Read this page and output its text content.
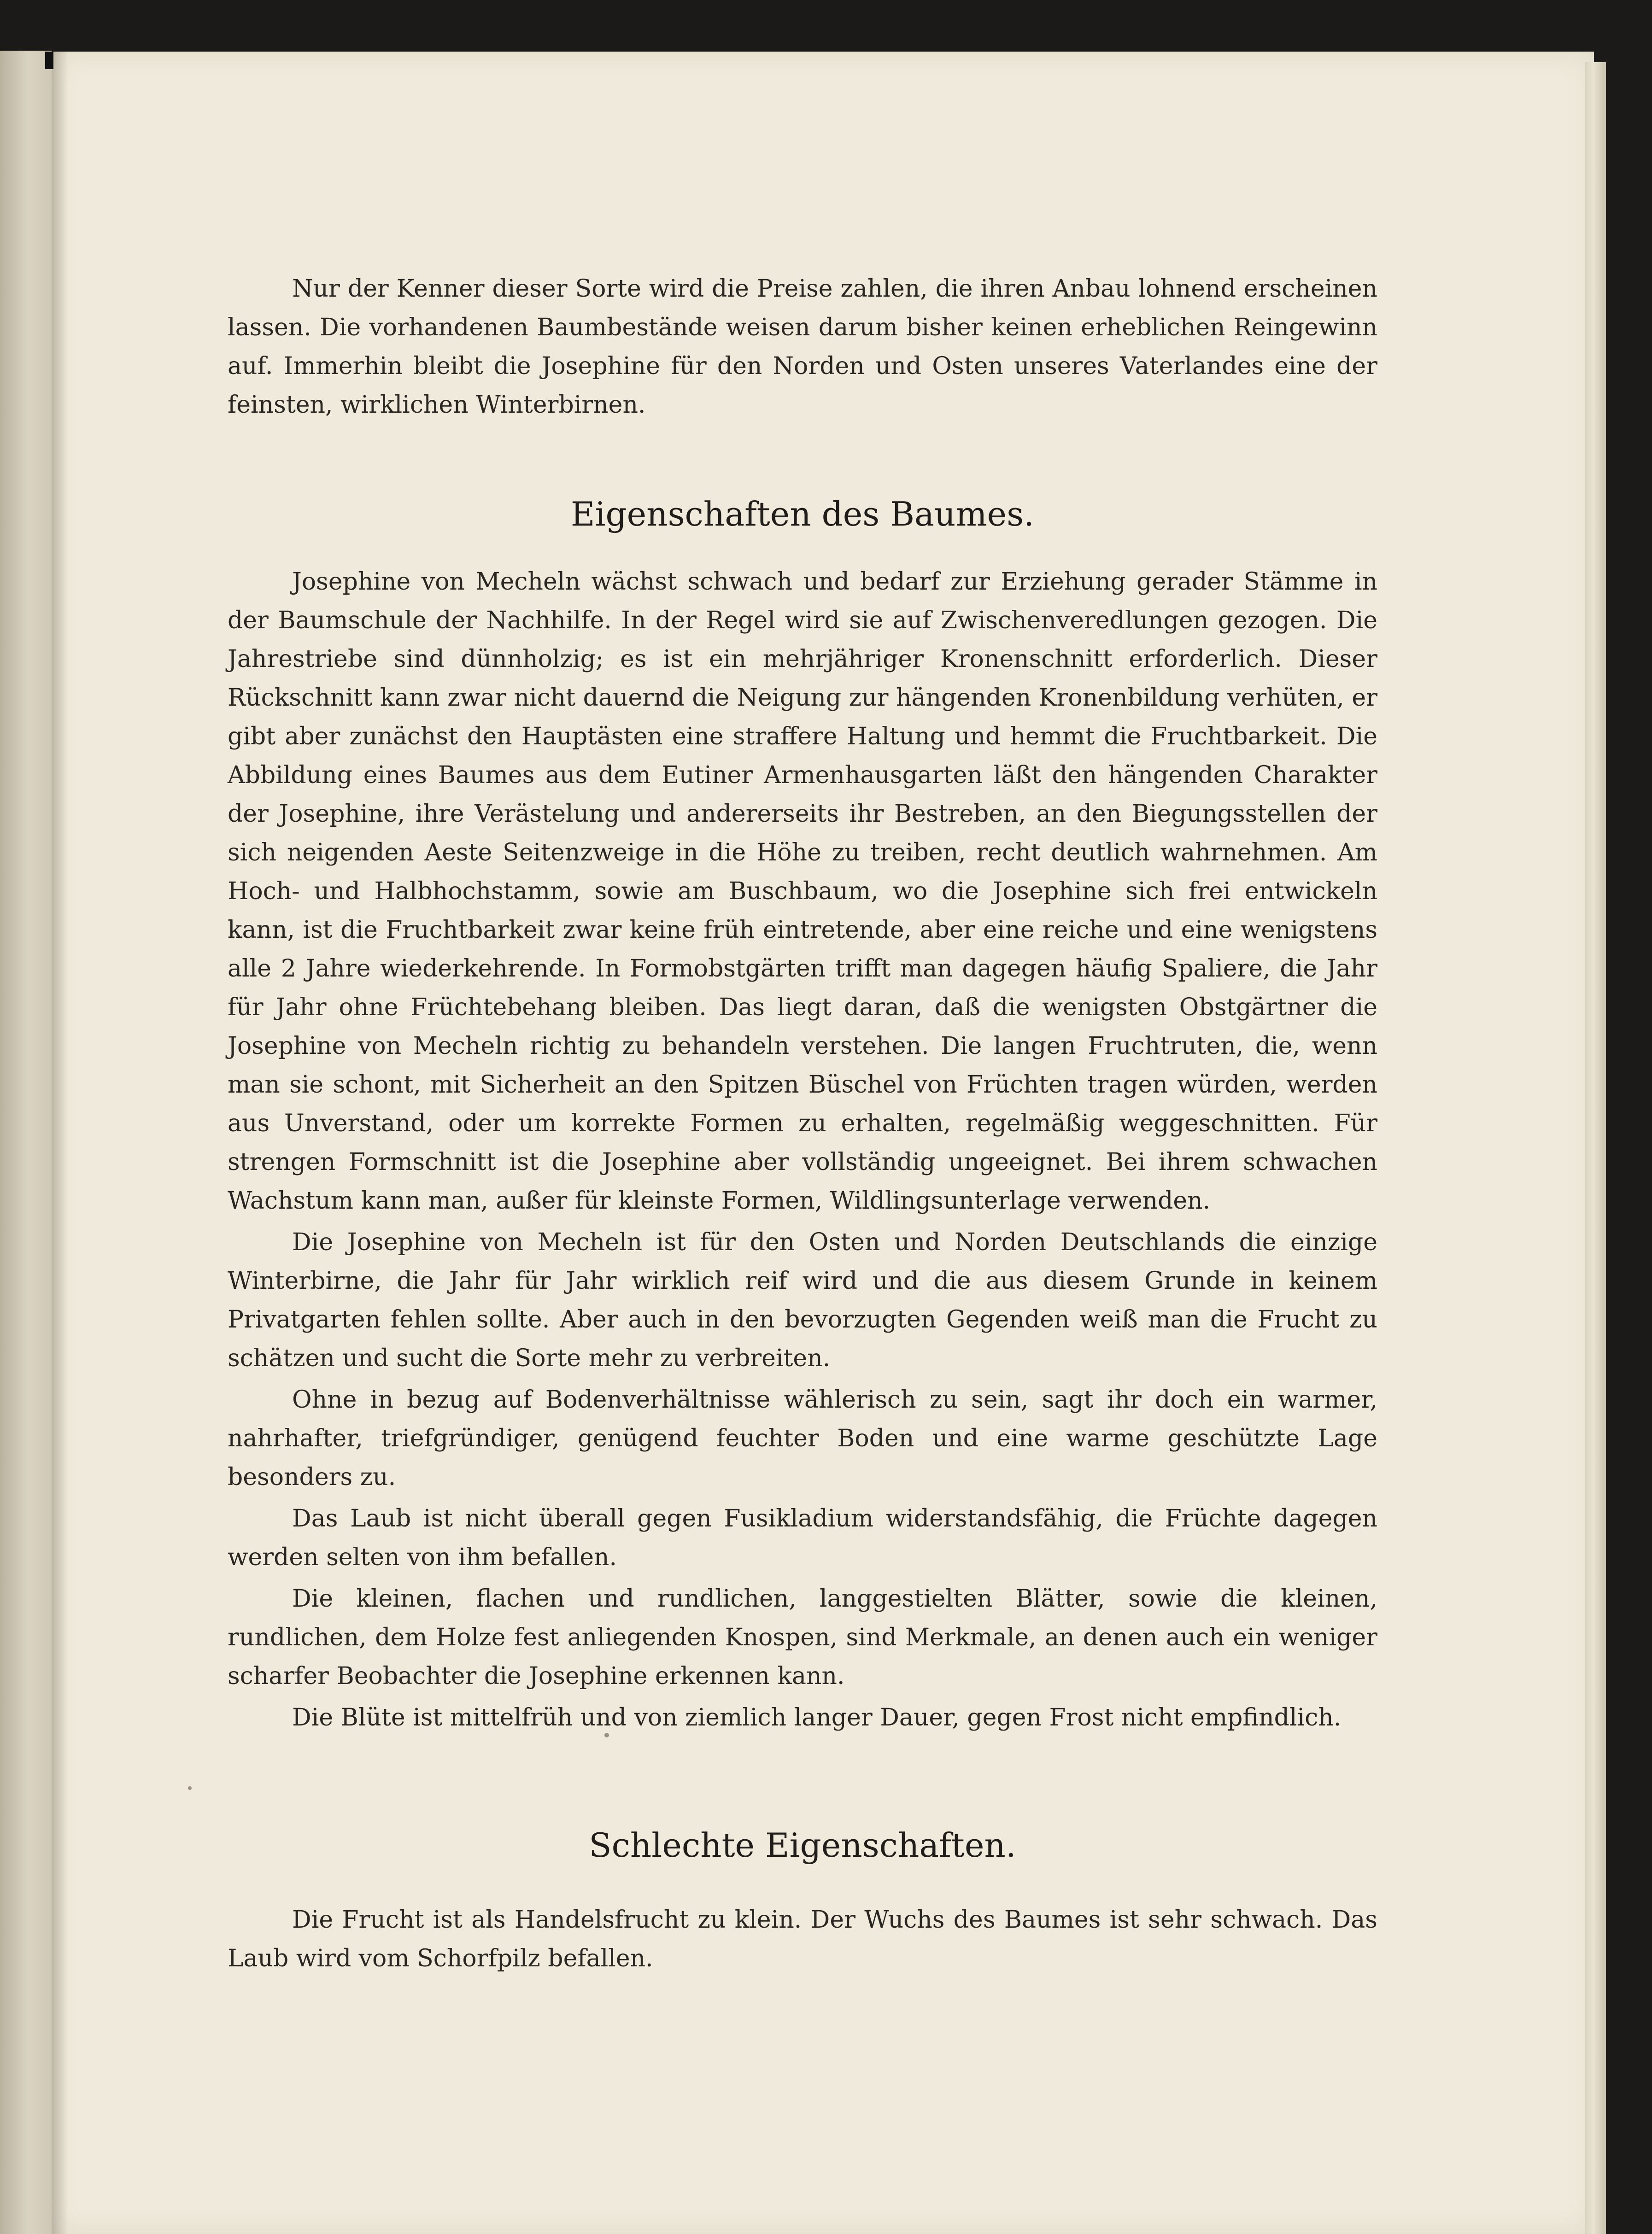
Nur der Kenner dieser Sorte wird die Preise zahlen, die ihren Anbau lohnend erscheinen lassen. Die vorhandenen Baumbestände weisen darum bisher keinen erheblichen Reingewinn auf. Immerhin bleibt die Josephine für den Norden und Osten unseres Vaterlandes eine der feinsten, wirklichen Winterbirnen.

Eigenschaften des Baumes.

Josephine von Mecheln wächst schwach und bedarf zur Erziehung gerader Stämme in der Baumschule der Nachhilfe. In der Regel wird sie auf Zwischenveredlungen gezogen. Die Jahrestriebe sind dünnholzig; es ist ein mehrjähriger Kronenschnitt erforderlich. Dieser Rückschnitt kann zwar nicht dauernd die Neigung zur hängenden Kronenbildung verhüten, er gibt aber zunächst den Hauptästen eine straffere Haltung und hemmt die Fruchtbarkeit. Die Abbildung eines Baumes aus dem Eutiner Armenhausgarten läßt den hängenden Charakter der Josephine, ihre Verästelung und andererseits ihr Bestreben, an den Biegungsstellen der sich neigenden Aeste Seitenzweige in die Höhe zu treiben, recht deutlich wahrnehmen. Am Hoch- und Halbhochstamm, sowie am Buschbaum, wo die Josephine sich frei entwickeln kann, ist die Fruchtbarkeit zwar keine früh eintretende, aber eine reiche und eine wenigstens alle 2 Jahre wiederkehrende. In Formobstgärten trifft man dagegen häufig Spaliere, die Jahr für Jahr ohne Früchtebehang bleiben. Das liegt daran, daß die wenigsten Obstgärtner die Josephine von Mecheln richtig zu behandeln verstehen. Die langen Fruchtruten, die, wenn man sie schont, mit Sicherheit an den Spitzen Büschel von Früchten tragen würden, werden aus Unverstand, oder um korrekte Formen zu erhalten, regelmäßig weggeschnitten. Für strengen Formschnitt ist die Josephine aber vollständig ungeeignet. Bei ihrem schwachen Wachstum kann man, außer für kleinste Formen, Wildlingsunterlage verwenden.

Die Josephine von Mecheln ist für den Osten und Norden Deutschlands die einzige Winterbirne, die Jahr für Jahr wirklich reif wird und die aus diesem Grunde in keinem Privatgarten fehlen sollte. Aber auch in den bevorzugten Gegenden weiß man die Frucht zu schätzen und sucht die Sorte mehr zu verbreiten.

Ohne in bezug auf Bodenverhältnisse wählerisch zu sein, sagt ihr doch ein warmer, nahrhafter, triefgründiger, genügend feuchter Boden und eine warme geschützte Lage besonders zu.

Das Laub ist nicht überall gegen Fusikladium widerstandsfähig, die Früchte dagegen werden selten von ihm befallen.

Die kleinen, flachen und rundlichen, langgestielten Blätter, sowie die kleinen, rundlichen, dem Holze fest anliegenden Knospen, sind Merkmale, an denen auch ein weniger scharfer Beobachter die Josephine erkennen kann.

Die Blüte ist mittelfrüh und von ziemlich langer Dauer, gegen Frost nicht empfindlich.

Schlechte Eigenschaften.

Die Frucht ist als Handelsfrucht zu klein. Der Wuchs des Baumes ist sehr schwach. Das Laub wird vom Schorfpilz befallen.
